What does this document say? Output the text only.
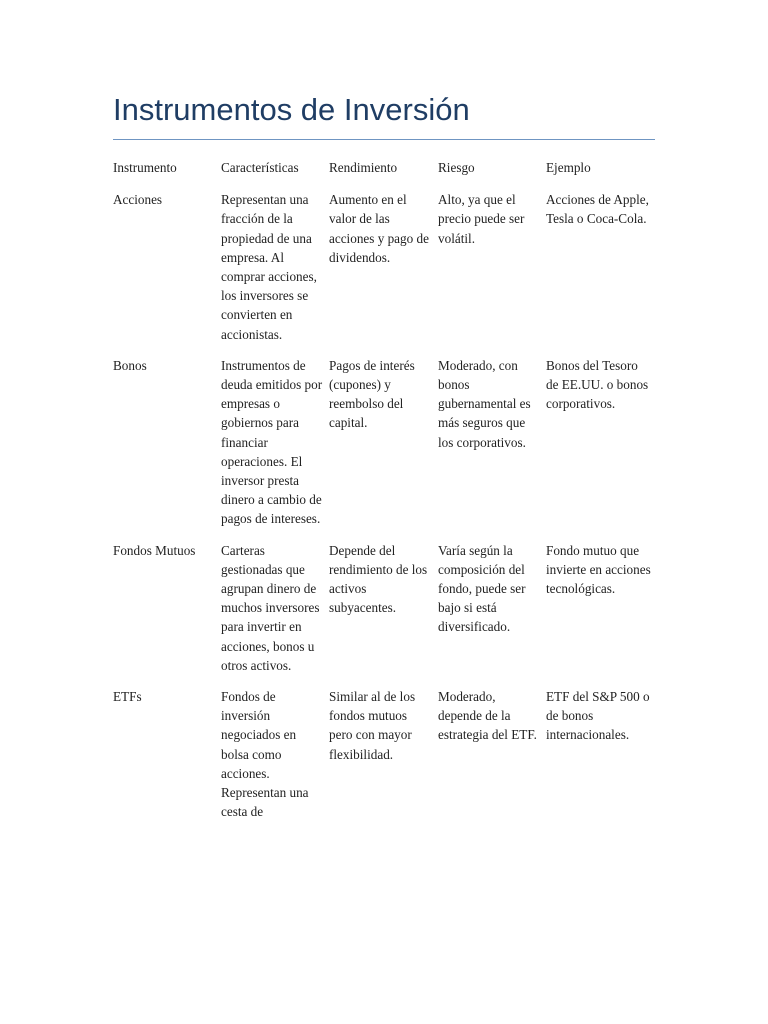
Instrumentos de Inversión
Instrumento	Características	Rendimiento	Riesgo	Ejemplo
Acciones	Representan una fracción de la propiedad de una empresa. Al comprar acciones, los inversores se convierten en accionistas.	Aumento en el valor de las acciones y pago de dividendos.	Alto, ya que el precio puede ser volátil.	Acciones de Apple, Tesla o Coca-Cola.
Bonos	Instrumentos de deuda emitidos por empresas o gobiernos para financiar operaciones. El inversor presta dinero a cambio de pagos de intereses.	Pagos de interés (cupones) y reembolso del capital.	Moderado, con bonos gubernamental es más seguros que los corporativos.	Bonos del Tesoro de EE.UU. o bonos corporativos.
Fondos Mutuos	Carteras gestionadas que agrupan dinero de muchos inversores para invertir en acciones, bonos u otros activos.	Depende del rendimiento de los activos subyacentes.	Varía según la composición del fondo, puede ser bajo si está diversificado.	Fondo mutuo que invierte en acciones tecnológicas.
ETFs	Fondos de inversión negociados en bolsa como acciones. Representan una cesta de	Similar al de los fondos mutuos pero con mayor flexibilidad.	Moderado, depende de la estrategia del ETF.	ETF del S&P 500 o de bonos internacionales.
